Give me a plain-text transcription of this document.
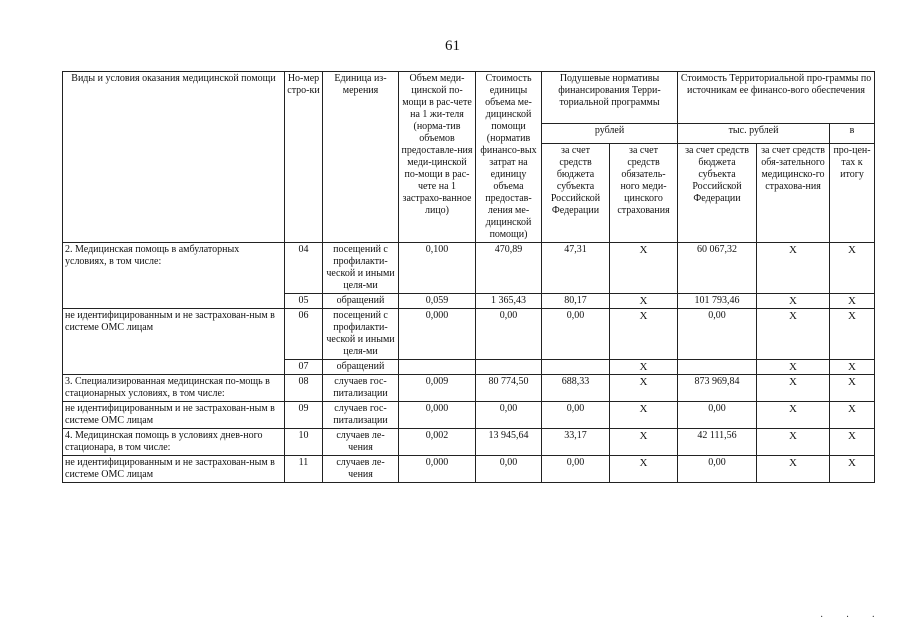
61
Виды и условия оказания медицинской помощи	Но-мер стро-ки	Единица из-мерения	Объем меди-цинской по-мощи в рас-чете на 1 жи-теля (норма-тив объемов предоставле-ния меди-цинской по-мощи в рас-чете на 1 застрахо-ванное лицо)	Стоимость единицы объема ме-дицинской помощи (норматив финансо-вых затрат на единицу объема предостав-ления ме-дицинской помощи)	Подушевые нормативы финансирования Терри-ториальной программы		Стоимость Территориальной про-граммы по источникам ее финансо-вого обеспечения		
					рублей		тыс. рублей		в
					за счет средств бюджета субъекта Российской Федерации	за счет средств обязатель-ного меди-цинского страхования	за счет средств бюджета субъекта Российской Федерации	за счет средств обя-зательного медицинско-го страхова-ния	про-цен-тах к итогу
2. Медицинская помощь в амбулаторных условиях, в том числе:	04	посещений с профилакти-ческой и иными целя-ми	0,100	470,89	47,31	Х	60 067,32	Х	Х
	05	обращений	0,059	1 365,43	80,17	Х	101 793,46	Х	Х
не идентифицированным и не застрахован-ным в системе ОМС лицам	06	посещений с профилакти-ческой и иными целя-ми	0,000	0,00	0,00	Х	0,00	Х	Х
	07	обращений				Х		Х	Х
3. Специализированная медицинская по-мощь в стационарных условиях, в том числе:	08	случаев гос-питализации	0,009	80 774,50	688,33	Х	873 969,84	Х	Х
не идентифицированным и не застрахован-ным в системе ОМС лицам	09	случаев гос-питализации	0,000	0,00	0,00	Х	0,00	Х	Х
4. Медицинская помощь в условиях днев-ного стационара, в том числе:	10	случаев ле-чения	0,002	13 945,64	33,17	Х	42 111,56	Х	Х
не идентифицированным и не застрахован-ным в системе ОМС лицам	11	случаев ле-чения	0,000	0,00	0,00	Х	0,00	Х	Х
· · ·
